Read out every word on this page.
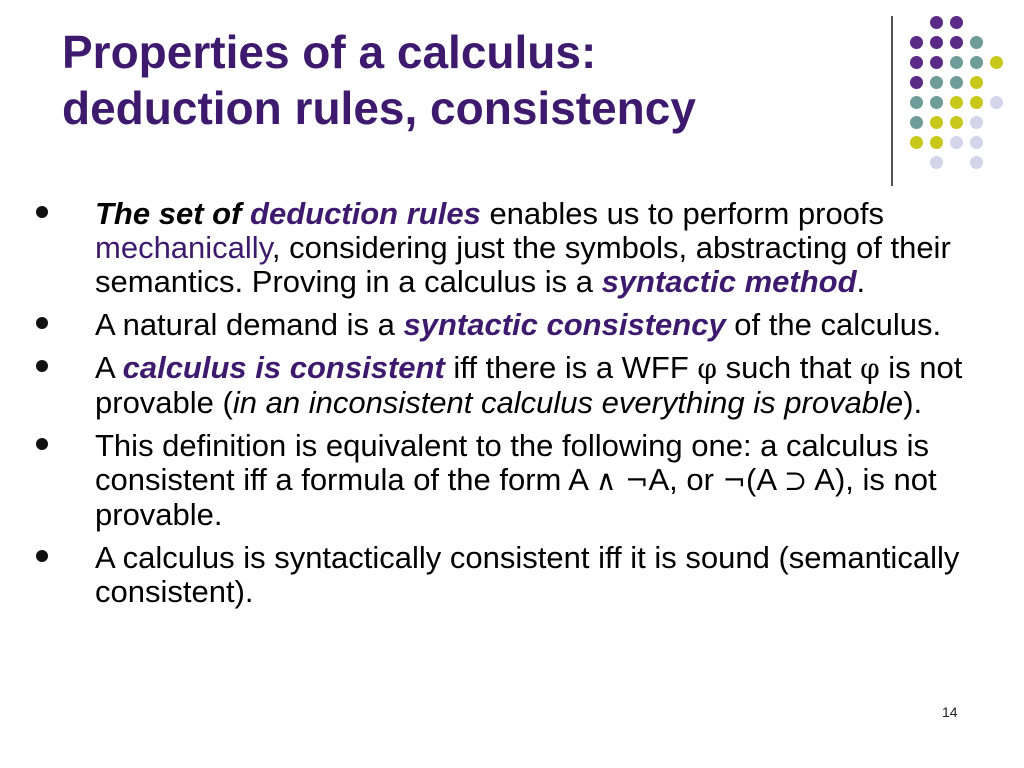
Properties of a calculus:
deduction rules, consistency
The set of deduction rules enables us to perform proofs mechanically, considering just the symbols, abstracting of their semantics. Proving in a calculus is a syntactic method.
A natural demand is a syntactic consistency of the calculus.
A calculus is consistent iff there is a WFF φ such that φ is not provable (in an inconsistent calculus everything is provable).
This definition is equivalent to the following one: a calculus is consistent iff a formula of the form A ∧ ¬A, or ¬(A ⊃ A), is not provable.
A calculus is syntactically consistent iff it is sound (semantically consistent).
14
